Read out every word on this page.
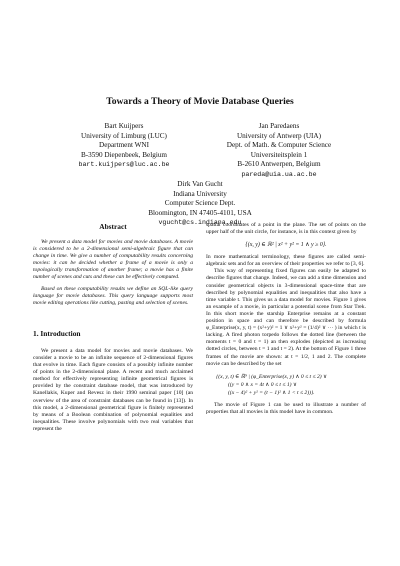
Towards a Theory of Movie Database Queries
Bart Kuijpers
University of Limburg (LUC)
Department WNI
B-3590 Diepenbeek, Belgium
bart.kuijpers@luc.ac.be
Jan Paredaens
University of Antwerp (UIA)
Dept. of Math. & Computer Science
Universiteitsplein 1
B-2610 Antwerpen, Belgium
pareda@uia.ua.ac.be
Dirk Van Gucht
Indiana University
Computer Science Dept.
Bloomington, IN 47405-4101, USA
vgucht@cs.indiana.edu
Abstract

We present a data model for movies and movie databases. A movie is considered to be a 2-dimensional semi-algebraic figure that can change in time. We give a number of computability results concerning movies: it can be decided whether a frame of a movie is only a topologically transformation of another frame; a movie has a finite number of scenes and cuts and these can be effectively computed.

Based on these computability results we define an SQL-like query language for movie databases. This query language supports most movie editing operations like cutting, pasting and selection of scenes.

1. Introduction

We present a data model for movies and movie databases. We consider a movie to be an infinite sequence of 2-dimensional figures that evolve in time. Each figure consists of a possibly infinite number of points in the 2-dimensional plane. A recent and much acclaimed method for effectively representing infinite geometrical figures is provided by the constraint database model, that was introduced by Kanellakis, Kuper and Revesz in their 1990 seminal paper [10] (an overview of the area of constraint databases can be found in [13]). In this model, a 2-dimensional geometrical figure is finitely represented by means of a Boolean combination of polynomial equalities and inequalities. These involve polynomials with two real variables that represent the

spatial coordinates of a point in the plane. The set of points on the upper half of the unit circle, for instance, is in this context given by

{(x, y) ∈ ℝ² | x² + y² = 1 ∧ y ≥ 0}.

In more mathematical terminology, these figures are called semi-algebraic sets and for an overview of their properties we refer to [3, 6].

This way of representing fixed figures can easily be adapted to describe figures that change. Indeed, we can add a time dimension and consider geometrical objects in 3-dimensional space-time that are described by polynomial equalities and inequalities that also have a time variable t. This gives us a data model for movies. Figure 1 gives an example of a movie, in particular a potential scene from Star Trek. In this short movie the starship Enterprise remains at a constant position in space and can therefore be described by formula φ_Enterprise(x, y, t) = (x²+y)² = 1 ∨ x²+y² = (1/4)² ∨ ··· ) in which t is lacking. A fired photon torpedo follows the dotted line (between the moments t = 0 and t = 1) an then explodes (depicted as increasing dotted circles, between t = 1 and t = 2). At the bottom of Figure 1 three frames of the movie are shown: at t = 1/2, 1 and 2. The complete movie can be described by the set

{(x, y, t) ∈ ℝ³ | (φ_Enterprise(x, y) ∧ 0 ≤ t ≤ 2) ∨
((y = 0 ∧ x = 4t ∧ 0 ≤ t ≤ 1) ∨
((x − 4)² + y² = (t − 1)² ∧ 1 < t ≤ 2))}.

The movie of Figure 1 can be used to illustrate a number of properties that all movies in this model have in common.
